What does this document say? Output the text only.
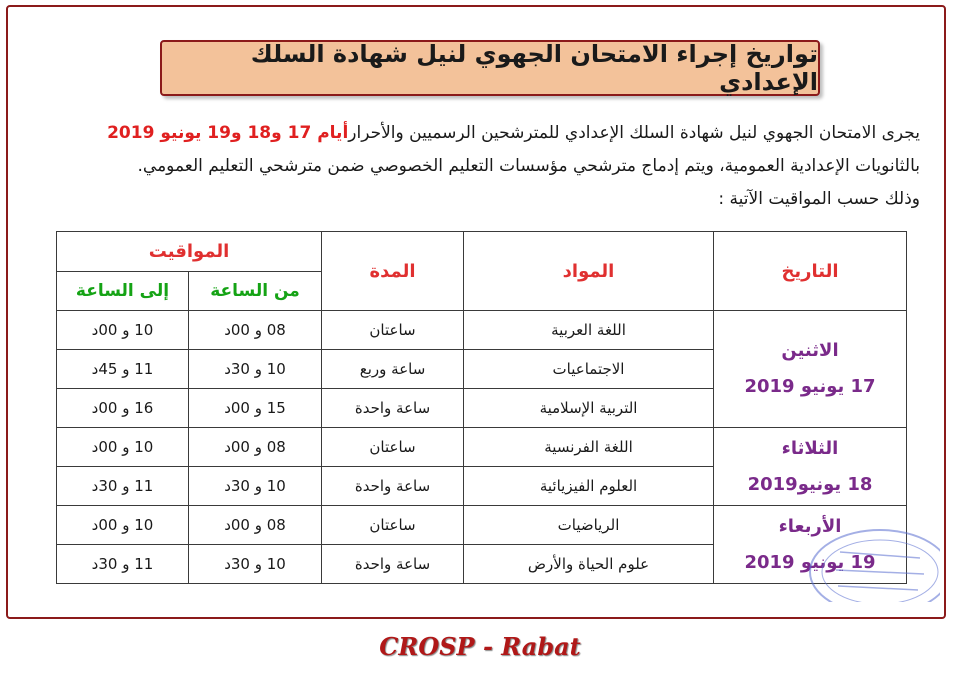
تواريخ إجراء الامتحان الجهوي لنيل شهادة السلك الإعدادي
يجرى الامتحان الجهوي لنيل شهادة السلك الإعدادي للمترشحين الرسميين والأحرارأيام 17 و18 و19 يونيو 2019
بالثانويات الإعدادية العمومية، ويتم إدماج مترشحي مؤسسات التعليم الخصوصي ضمن مترشحي التعليم العمومي.
وذلك حسب المواقيت الآتية :
التاريخ	المواد	المدة	المواقيت	
			من الساعة	إلى الساعة

الاثنين
17 يونيو 2019	اللغة العربية	ساعتان	08 و 00د	10 و 00د
	الاجتماعيات	ساعة وربع	10 و 30د	11 و 45د
	التربية الإسلامية	ساعة واحدة	15 و 00د	16 و 00د

الثلاثاء
18 يونيو2019	اللغة الفرنسية	ساعتان	08 و 00د	10 و 00د
	العلوم الفيزيائية	ساعة واحدة	10 و 30د	11 و 30د

الأربعاء
19 يونيو 2019	الرياضيات	ساعتان	08 و 00د	10 و 00د
	علوم الحياة والأرض	ساعة واحدة	10 و 30د	11 و 30د
CROSP - Rabat
